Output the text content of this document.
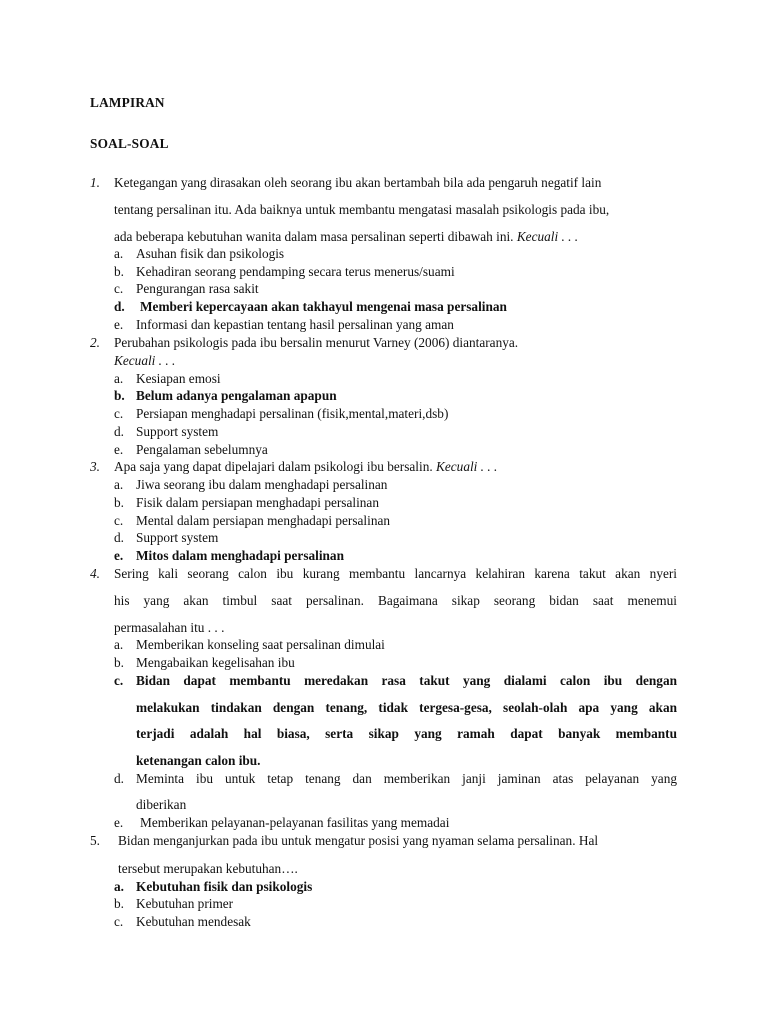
LAMPIRAN
SOAL-SOAL
1. Ketegangan yang dirasakan oleh seorang ibu akan bertambah bila ada pengaruh negatif lain
tentang persalinan itu. Ada baiknya untuk membantu mengatasi masalah psikologis pada ibu,
ada beberapa kebutuhan wanita dalam masa persalinan seperti dibawah ini. Kecuali . . .
a. Asuhan fisik dan psikologis
b. Kehadiran seorang pendamping secara terus menerus/suami
c. Pengurangan rasa sakit
d. Memberi kepercayaan akan takhayul mengenai masa persalinan
e. Informasi dan kepastian tentang hasil persalinan yang aman
2. Perubahan psikologis pada ibu bersalin menurut Varney (2006) diantaranya.
Kecuali . . .
a. Kesiapan emosi
b. Belum adanya pengalaman apapun
c. Persiapan menghadapi persalinan (fisik,mental,materi,dsb)
d. Support system
e. Pengalaman sebelumnya
3. Apa saja yang dapat dipelajari dalam psikologi ibu bersalin. Kecuali . . .
a. Jiwa seorang ibu dalam menghadapi persalinan
b. Fisik dalam persiapan menghadapi persalinan
c. Mental dalam persiapan menghadapi persalinan
d. Support system
e. Mitos dalam menghadapi persalinan
4. Sering kali seorang calon ibu kurang membantu lancarnya kelahiran karena takut akan nyeri
his yang akan timbul saat persalinan. Bagaimana sikap seorang bidan saat menemui
permasalahan itu . . .
a. Memberikan konseling saat persalinan dimulai
b. Mengabaikan kegelisahan ibu
c. Bidan dapat membantu meredakan rasa takut yang dialami calon ibu dengan
melakukan tindakan dengan tenang, tidak tergesa-gesa, seolah-olah apa yang akan
terjadi adalah hal biasa, serta sikap yang ramah dapat banyak membantu
ketenangan calon ibu.
d. Meminta ibu untuk tetap tenang dan memberikan janji jaminan atas pelayanan yang
diberikan
e. Memberikan pelayanan-pelayanan fasilitas yang memadai
5. Bidan menganjurkan pada ibu untuk mengatur posisi yang nyaman selama persalinan. Hal
tersebut merupakan kebutuhan….
a. Kebutuhan fisik dan psikologis
b. Kebutuhan primer
c. Kebutuhan mendesak
